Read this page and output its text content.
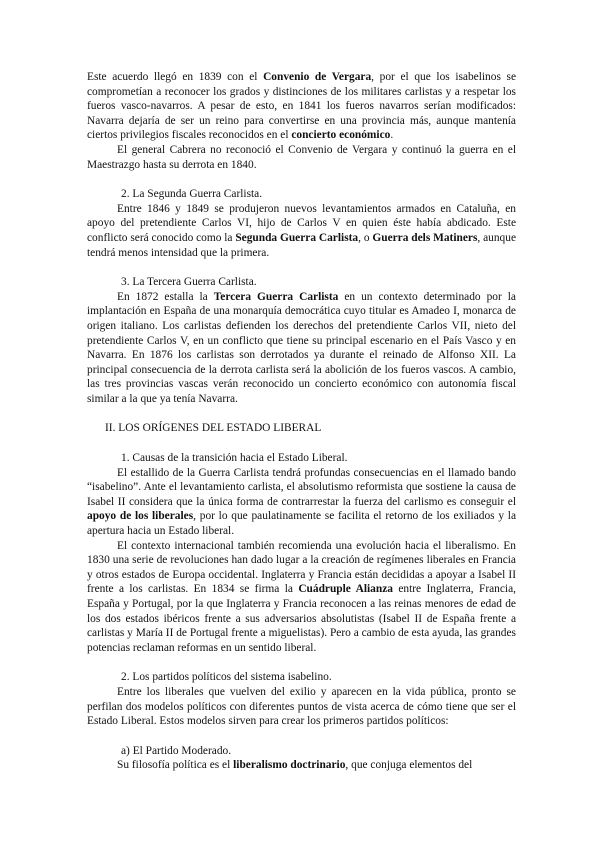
Este acuerdo llegó en 1839 con el Convenio de Vergara, por el que los isabelinos se comprometían a reconocer los grados y distinciones de los militares carlistas y a respetar los fueros vasco-navarros. A pesar de esto, en 1841 los fueros navarros serían modificados: Navarra dejaría de ser un reino para convertirse en una provincia más, aunque mantenía ciertos privilegios fiscales reconocidos en el concierto económico.

El general Cabrera no reconoció el Convenio de Vergara y continuó la guerra en el Maestrazgo hasta su derrota en 1840.

2. La Segunda Guerra Carlista.

Entre 1846 y 1849 se produjeron nuevos levantamientos armados en Cataluña, en apoyo del pretendiente Carlos VI, hijo de Carlos V en quien éste había abdicado. Este conflicto será conocido como la Segunda Guerra Carlista, o Guerra dels Matiners, aunque tendrá menos intensidad que la primera.

3. La Tercera Guerra Carlista.

En 1872 estalla la Tercera Guerra Carlista en un contexto determinado por la implantación en España de una monarquía democrática cuyo titular es Amadeo I, monarca de origen italiano. Los carlistas defienden los derechos del pretendiente Carlos VII, nieto del pretendiente Carlos V, en un conflicto que tiene su principal escenario en el País Vasco y en Navarra. En 1876 los carlistas son derrotados ya durante el reinado de Alfonso XII. La principal consecuencia de la derrota carlista será la abolición de los fueros vascos. A cambio, las tres provincias vascas verán reconocido un concierto económico con autonomía fiscal similar a la que ya tenía Navarra.

II. LOS ORÍGENES DEL ESTADO LIBERAL

1. Causas de la transición hacia el Estado Liberal.

El estallido de la Guerra Carlista tendrá profundas consecuencias en el llamado bando “isabelino”. Ante el levantamiento carlista, el absolutismo reformista que sostiene la causa de Isabel II considera que la única forma de contrarrestar la fuerza del carlismo es conseguir el apoyo de los liberales, por lo que paulatinamente se facilita el retorno de los exiliados y la apertura hacia un Estado liberal.

El contexto internacional también recomienda una evolución hacia el liberalismo. En 1830 una serie de revoluciones han dado lugar a la creación de regímenes liberales en Francia y otros estados de Europa occidental. Inglaterra y Francia están decididas a apoyar a Isabel II frente a los carlistas. En 1834 se firma la Cuádruple Alianza entre Inglaterra, Francia, España y Portugal, por la que Inglaterra y Francia reconocen a las reinas menores de edad de los dos estados ibéricos frente a sus adversarios absolutistas (Isabel II de España frente a carlistas y María II de Portugal frente a miguelistas). Pero a cambio de esta ayuda, las grandes potencias reclaman reformas en un sentido liberal.

2. Los partidos políticos del sistema isabelino.

Entre los liberales que vuelven del exilio y aparecen en la vida pública, pronto se perfilan dos modelos políticos con diferentes puntos de vista acerca de cómo tiene que ser el Estado Liberal. Estos modelos sirven para crear los primeros partidos políticos:

a) El Partido Moderado.

Su filosofía política es el liberalismo doctrinario, que conjuga elementos del
